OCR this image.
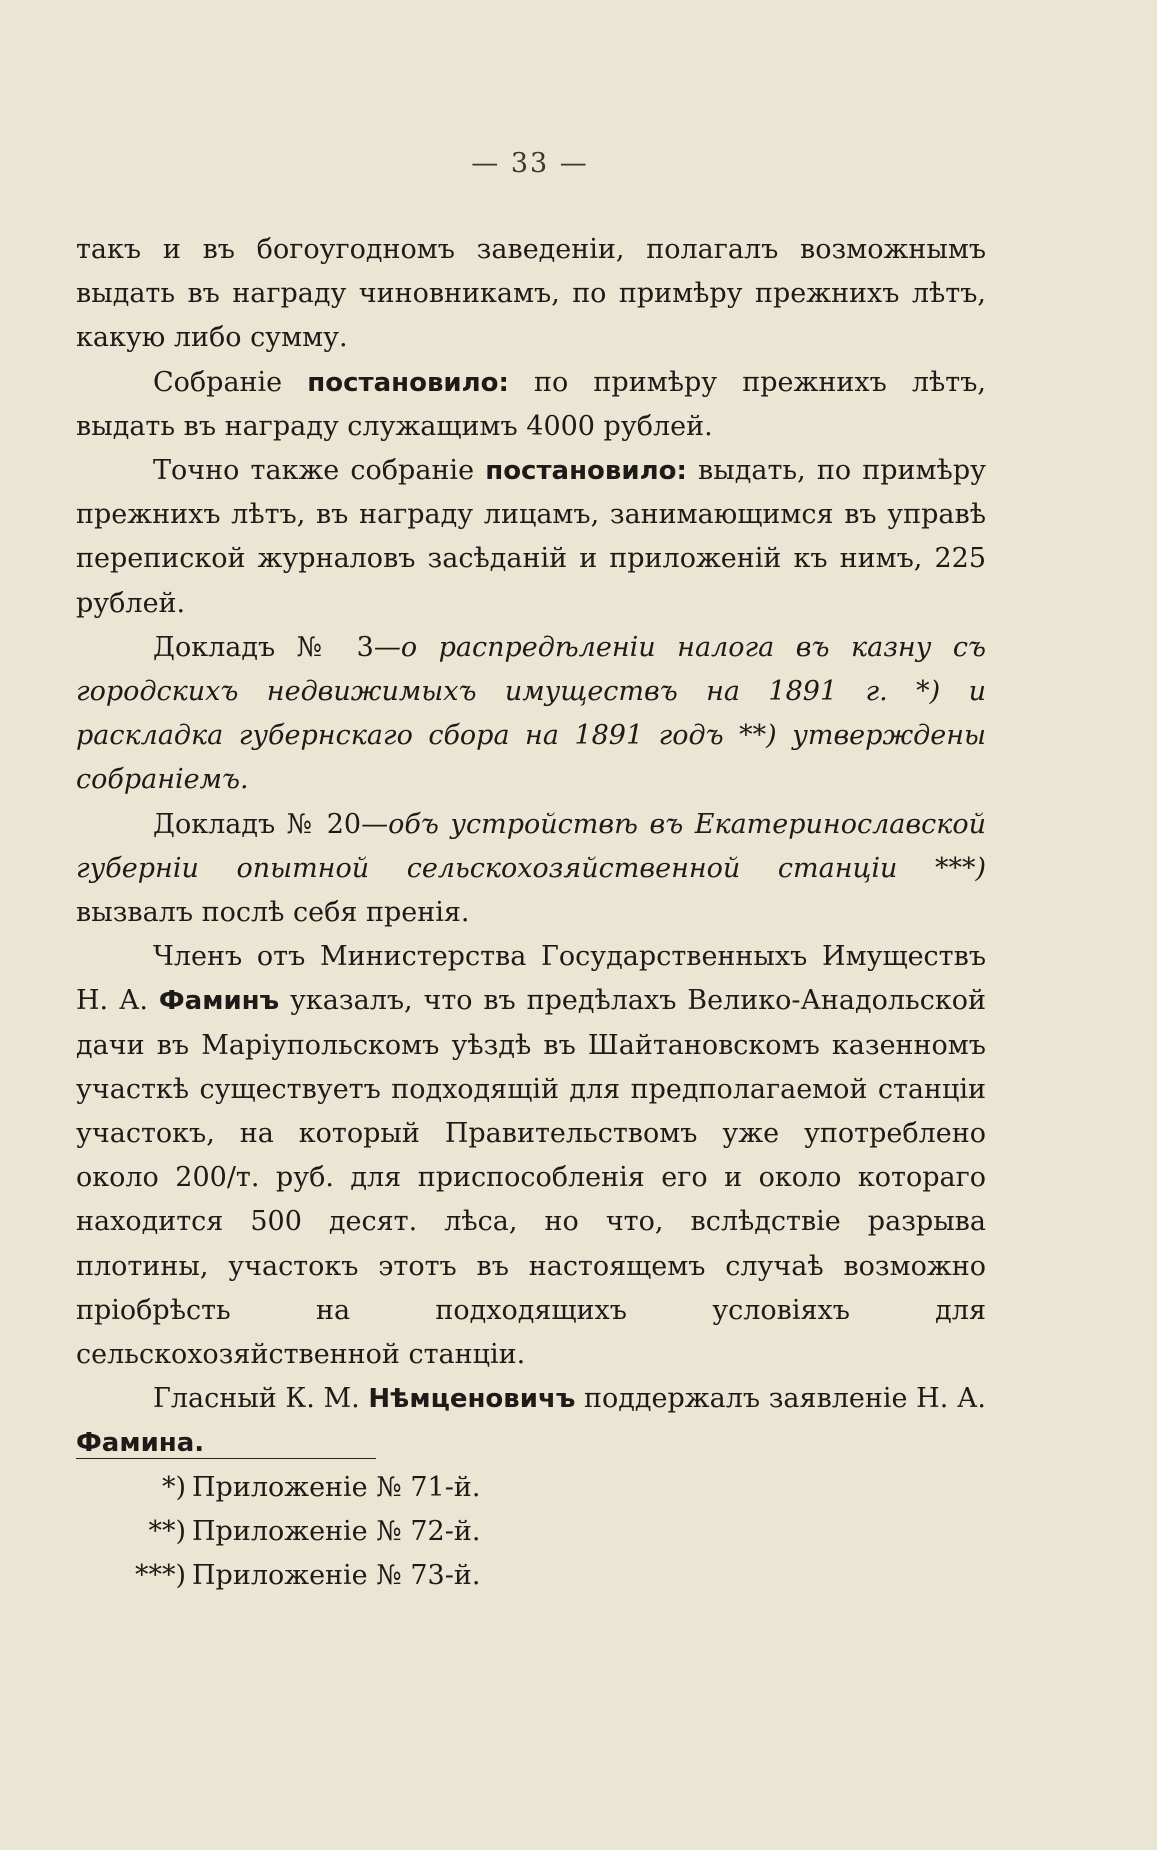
— 33 —

такъ и въ богоугодномъ заведеніи, полагалъ возможнымъ выдать въ награду чиновникамъ, по примѣру прежнихъ лѣтъ, какую либо сумму.

Собраніе постановило: по примѣру прежнихъ лѣтъ, выдать въ награду служащимъ 4000 рублей.

Точно также собраніе постановило: выдать, по примѣру прежнихъ лѣтъ, въ награду лицамъ, занимающимся въ управѣ перепиской журналовъ засѣданій и приложеній къ нимъ, 225 рублей.

Докладъ № 3—о распредѣленіи налога въ казну съ городскихъ недвижимыхъ имуществъ на 1891 г. *) и раскладка губернскаго сбора на 1891 годъ **) утверждены собраніемъ.

Докладъ № 20—объ устройствѣ въ Екатеринославской губерніи опытной сельскохозяйственной станціи ***) вызвалъ послѣ себя пренія.

Членъ отъ Министерства Государственныхъ Имуществъ Н. А. Фаминъ указалъ, что въ предѣлахъ Велико-Анадольской дачи въ Маріупольскомъ уѣздѣ въ Шайтановскомъ казенномъ участкѣ существуетъ подходящій для предполагаемой станціи участокъ, на который Правительствомъ уже употреблено около 200/т. руб. для приспособленія его и около котораго находится 500 десят. лѣса, но что, вслѣдствіе разрыва плотины, участокъ этотъ въ настоящемъ случаѣ возможно пріобрѣсть на подходящихъ условіяхъ для сельскохозяйственной станціи.

Гласный К. М. Нѣмценовичъ поддержалъ заявленіе Н. А. Фамина.

*) Приложеніе № 71-й.
**) Приложеніе № 72-й.
***) Приложеніе № 73-й.
